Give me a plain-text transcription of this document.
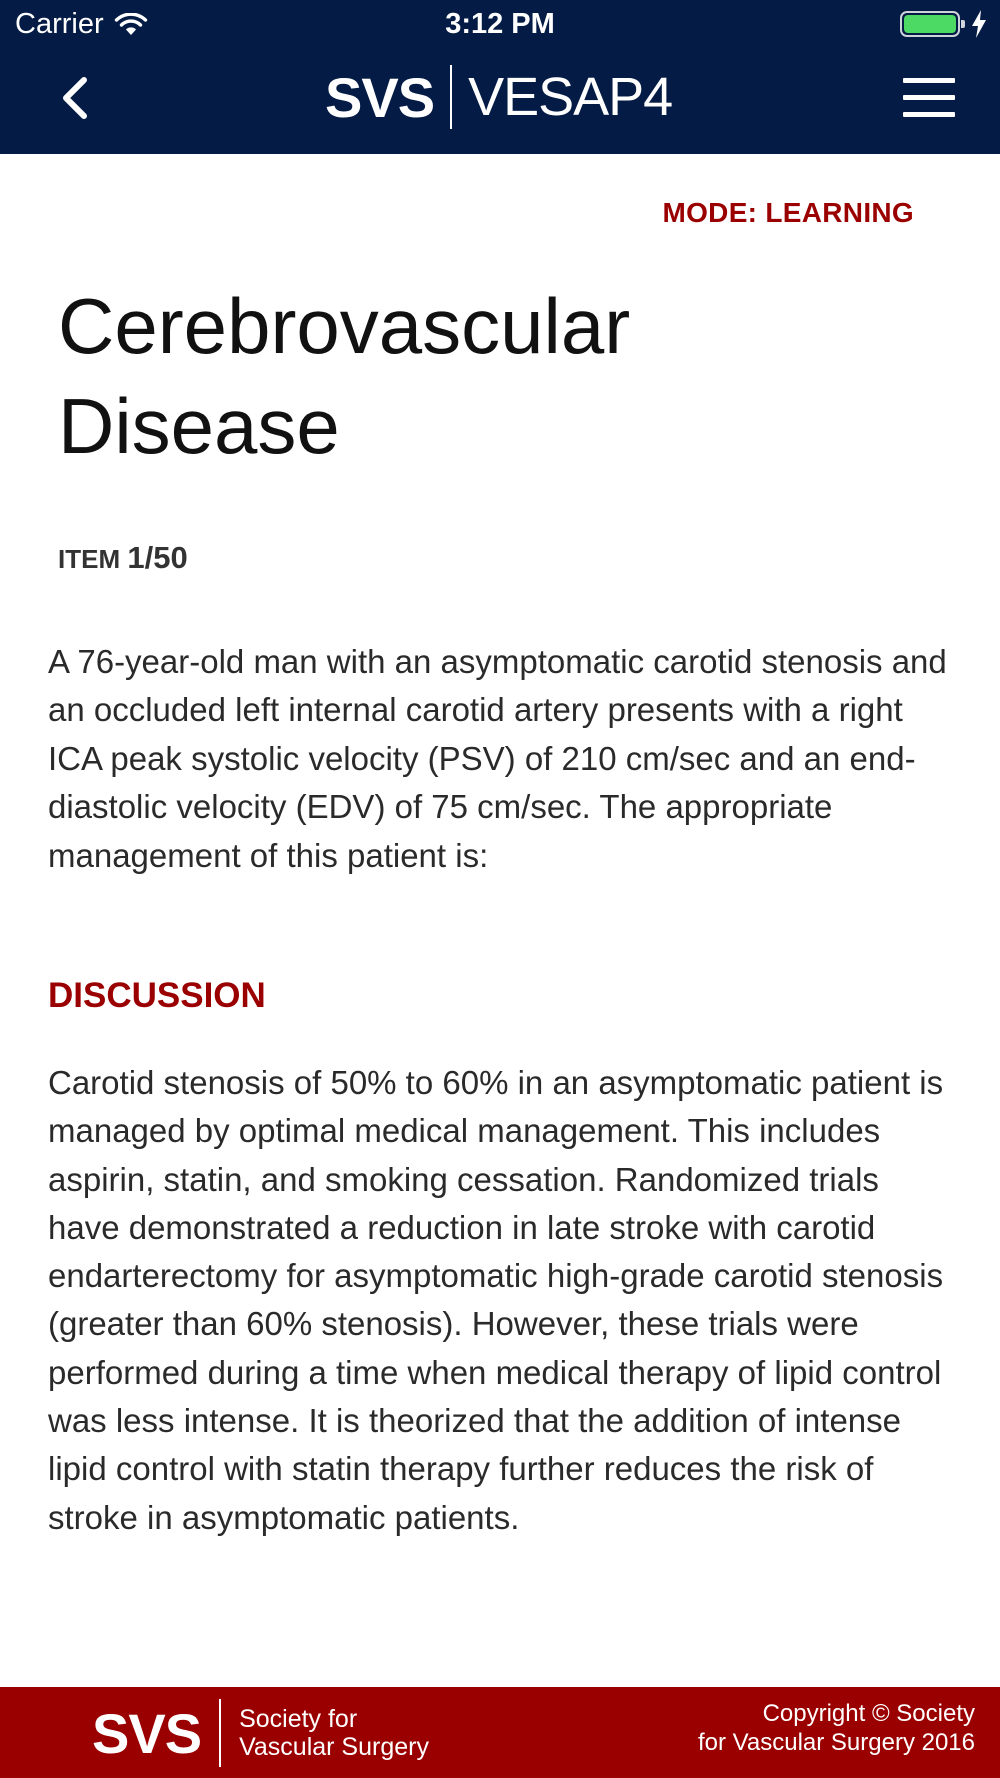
Carrier	3:12 PM
SVS VESAP4
MODE: LEARNING
Cerebrovascular
Disease
ITEM 1/50

A 76-year-old man with an asymptomatic carotid stenosis and an occluded left internal carotid artery presents with a right ICA peak systolic velocity (PSV) of 210 cm/sec and an end-diastolic velocity (EDV) of 75 cm/sec. The appropriate management of this patient is:

DISCUSSION

Carotid stenosis of 50% to 60% in an asymptomatic patient is managed by optimal medical management. This includes aspirin, statin, and smoking cessation. Randomized trials have demonstrated a reduction in late stroke with carotid endarterectomy for asymptomatic high-grade carotid stenosis (greater than 60% stenosis). However, these trials were performed during a time when medical therapy of lipid control was less intense. It is theorized that the addition of intense lipid control with statin therapy further reduces the risk of stroke in asymptomatic patients.

SVS Society for
Vascular Surgery
Copyright © Society
for Vascular Surgery 2016
